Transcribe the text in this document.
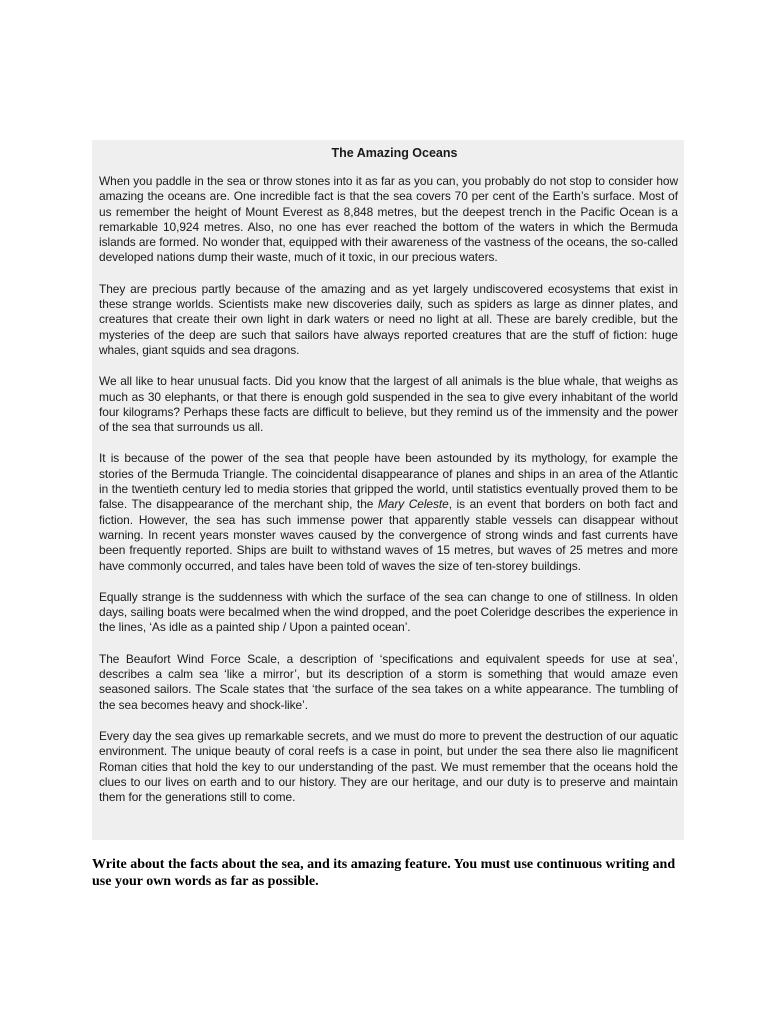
The Amazing Oceans

When you paddle in the sea or throw stones into it as far as you can, you probably do not stop to consider how amazing the oceans are. One incredible fact is that the sea covers 70 per cent of the Earth’s surface. Most of us remember the height of Mount Everest as 8,848 metres, but the deepest trench in the Pacific Ocean is a remarkable 10,924 metres. Also, no one has ever reached the bottom of the waters in which the Bermuda islands are formed. No wonder that, equipped with their awareness of the vastness of the oceans, the so-called developed nations dump their waste, much of it toxic, in our precious waters.

They are precious partly because of the amazing and as yet largely undiscovered ecosystems that exist in these strange worlds. Scientists make new discoveries daily, such as spiders as large as dinner plates, and creatures that create their own light in dark waters or need no light at all. These are barely credible, but the mysteries of the deep are such that sailors have always reported creatures that are the stuff of fiction: huge whales, giant squids and sea dragons.

We all like to hear unusual facts. Did you know that the largest of all animals is the blue whale, that weighs as much as 30 elephants, or that there is enough gold suspended in the sea to give every inhabitant of the world four kilograms? Perhaps these facts are difficult to believe, but they remind us of the immensity and the power of the sea that surrounds us all.

It is because of the power of the sea that people have been astounded by its mythology, for example the stories of the Bermuda Triangle. The coincidental disappearance of planes and ships in an area of the Atlantic in the twentieth century led to media stories that gripped the world, until statistics eventually proved them to be false. The disappearance of the merchant ship, the Mary Celeste, is an event that borders on both fact and fiction. However, the sea has such immense power that apparently stable vessels can disappear without warning. In recent years monster waves caused by the convergence of strong winds and fast currents have been frequently reported. Ships are built to withstand waves of 15 metres, but waves of 25 metres and more have commonly occurred, and tales have been told of waves the size of ten-storey buildings.

Equally strange is the suddenness with which the surface of the sea can change to one of stillness. In olden days, sailing boats were becalmed when the wind dropped, and the poet Coleridge describes the experience in the lines, ‘As idle as a painted ship / Upon a painted ocean’.

The Beaufort Wind Force Scale, a description of ‘specifications and equivalent speeds for use at sea’, describes a calm sea ‘like a mirror’, but its description of a storm is something that would amaze even seasoned sailors. The Scale states that ‘the surface of the sea takes on a white appearance. The tumbling of the sea becomes heavy and shock-like’.

Every day the sea gives up remarkable secrets, and we must do more to prevent the destruction of our aquatic environment. The unique beauty of coral reefs is a case in point, but under the sea there also lie magnificent Roman cities that hold the key to our understanding of the past. We must remember that the oceans hold the clues to our lives on earth and to our history. They are our heritage, and our duty is to preserve and maintain them for the generations still to come.

Write about the facts about the sea, and its amazing feature. You must use continuous writing and use your own words as far as possible.
